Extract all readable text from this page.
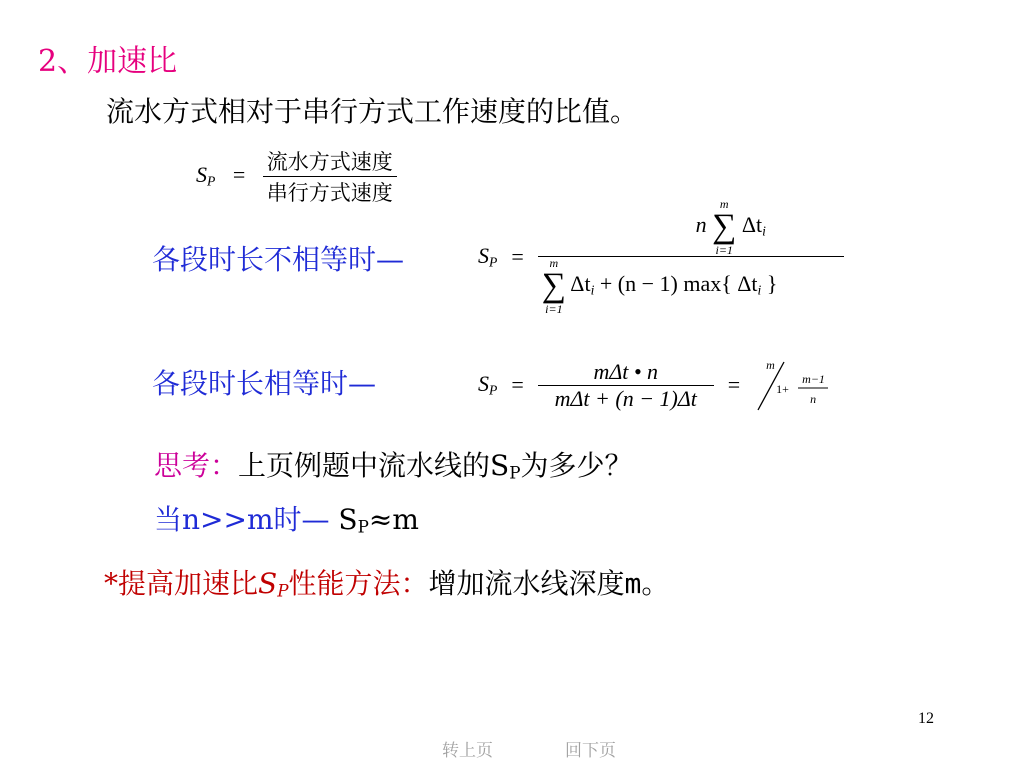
2、加速比
流水方式相对于串行方式工作速度的比值。
$S_P = \frac{\text{流水方式速度}}{\text{串行方式速度}}$
各段时长不相等时—	$S_P$ =
n
m
∑
i=1
$\Delta t_i$
m
∑
i=1
$\Delta t_i + (n - 1)$ max{ $\Delta t_i$ }
各段时长相等时—	$S_P = \frac{\text{mΔt • n}}{\text{mΔt + (n − 1)Δt}}$ =
m
1+
m−1
n
思考：上页例题中流水线的SP为多少？
当n>>m时— SP≈m
*提高加速比SP性能方法：增加流水线深度m。
12
转上页	回下页
